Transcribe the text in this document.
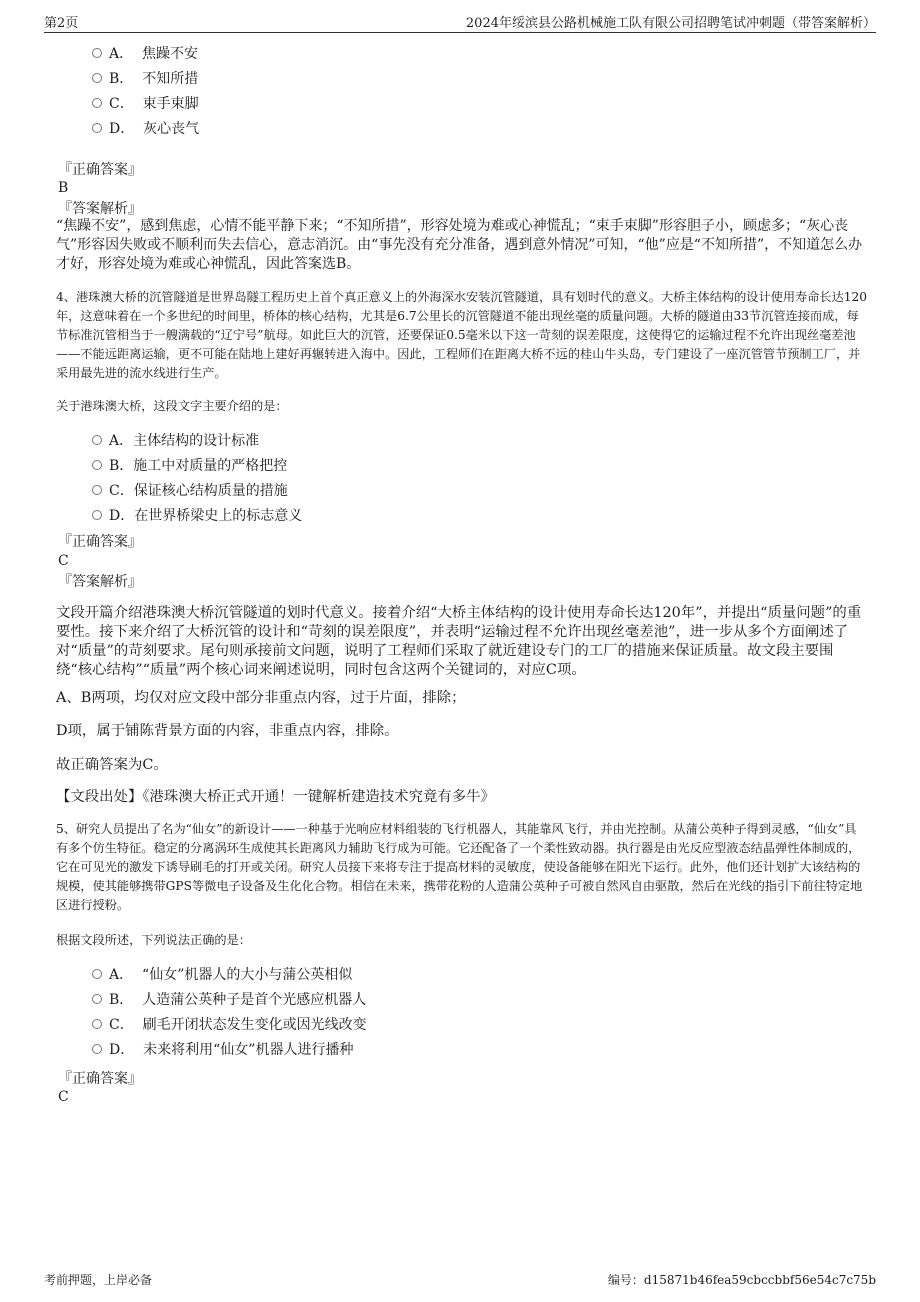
第2页	2024年绥滨县公路机械施工队有限公司招聘笔试冲刺题（带答案解析）
A． 焦躁不安
B． 不知所措
C． 束手束脚
D． 灰心丧气
『正确答案』
B
『答案解析』
“焦躁不安”，感到焦虑，心情不能平静下来；“不知所措”，形容处境为难或心神慌乱；“束手束脚”形容胆子小，顾虑多；“灰心丧气”形容因失败或不顺利而失去信心，意志消沉。由“事先没有充分准备，遇到意外情况”可知，“他”应是“不知所措”，不知道怎么办才好，形容处境为难或心神慌乱，因此答案选B。
4、港珠澳大桥的沉管隧道是世界岛隧工程历史上首个真正意义上的外海深水安装沉管隧道，具有划时代的意义。大桥主体结构的设计使用寿命长达120年，这意味着在一个多世纪的时间里，桥体的核心结构，尤其是6.7公里长的沉管隧道不能出现丝毫的质量问题。大桥的隧道由33节沉管连接而成，每节标准沉管相当于一艘满载的“辽宁号”航母。如此巨大的沉管，还要保证0.5毫米以下这一苛刻的误差限度，这使得它的运输过程不允许出现丝毫差池——不能远距离运输，更不可能在陆地上建好再辗转进入海中。因此，工程师们在距离大桥不远的桂山牛头岛，专门建设了一座沉管管节预制工厂，并采用最先进的流水线进行生产。
关于港珠澳大桥，这段文字主要介绍的是：
A．主体结构的设计标准
B．施工中对质量的严格把控
C．保证核心结构质量的措施
D．在世界桥梁史上的标志意义
『正确答案』
C
『答案解析』
文段开篇介绍港珠澳大桥沉管隧道的划时代意义。接着介绍“大桥主体结构的设计使用寿命长达120年”，并提出“质量问题”的重要性。接下来介绍了大桥沉管的设计和“苛刻的误差限度”，并表明“运输过程不允许出现丝毫差池”，进一步从多个方面阐述了对“质量”的苛刻要求。尾句则承接前文问题，说明了工程师们采取了就近建设专门的工厂的措施来保证质量。故文段主要围绕“核心结构”“质量”两个核心词来阐述说明，同时包含这两个关键词的，对应C项。
A、B两项，均仅对应文段中部分非重点内容，过于片面，排除；
D项，属于铺陈背景方面的内容，非重点内容，排除。
故正确答案为C。
【文段出处】《港珠澳大桥正式开通！一键解析建造技术究竟有多牛》
5、研究人员提出了名为“仙女”的新设计——一种基于光响应材料组装的飞行机器人，其能靠风飞行，并由光控制。从蒲公英种子得到灵感，“仙女”具有多个仿生特征。稳定的分离涡环生成使其长距离风力辅助飞行成为可能。它还配备了一个柔性致动器。执行器是由光反应型液态结晶弹性体制成的，它在可见光的激发下诱导刷毛的打开或关闭。研究人员接下来将专注于提高材料的灵敏度，使设备能够在阳光下运行。此外，他们还计划扩大该结构的规模，使其能够携带GPS等微电子设备及生化化合物。相信在未来，携带花粉的人造蒲公英种子可被自然风自由驱散，然后在光线的指引下前往特定地区进行授粉。
根据文段所述，下列说法正确的是：
A． “仙女”机器人的大小与蒲公英相似
B． 人造蒲公英种子是首个光感应机器人
C． 刷毛开闭状态发生变化或因光线改变
D． 未来将利用“仙女”机器人进行播种
『正确答案』
C
考前押题，上岸必备	编号：d15871b46fea59cbccbbf56e54c7c75b
